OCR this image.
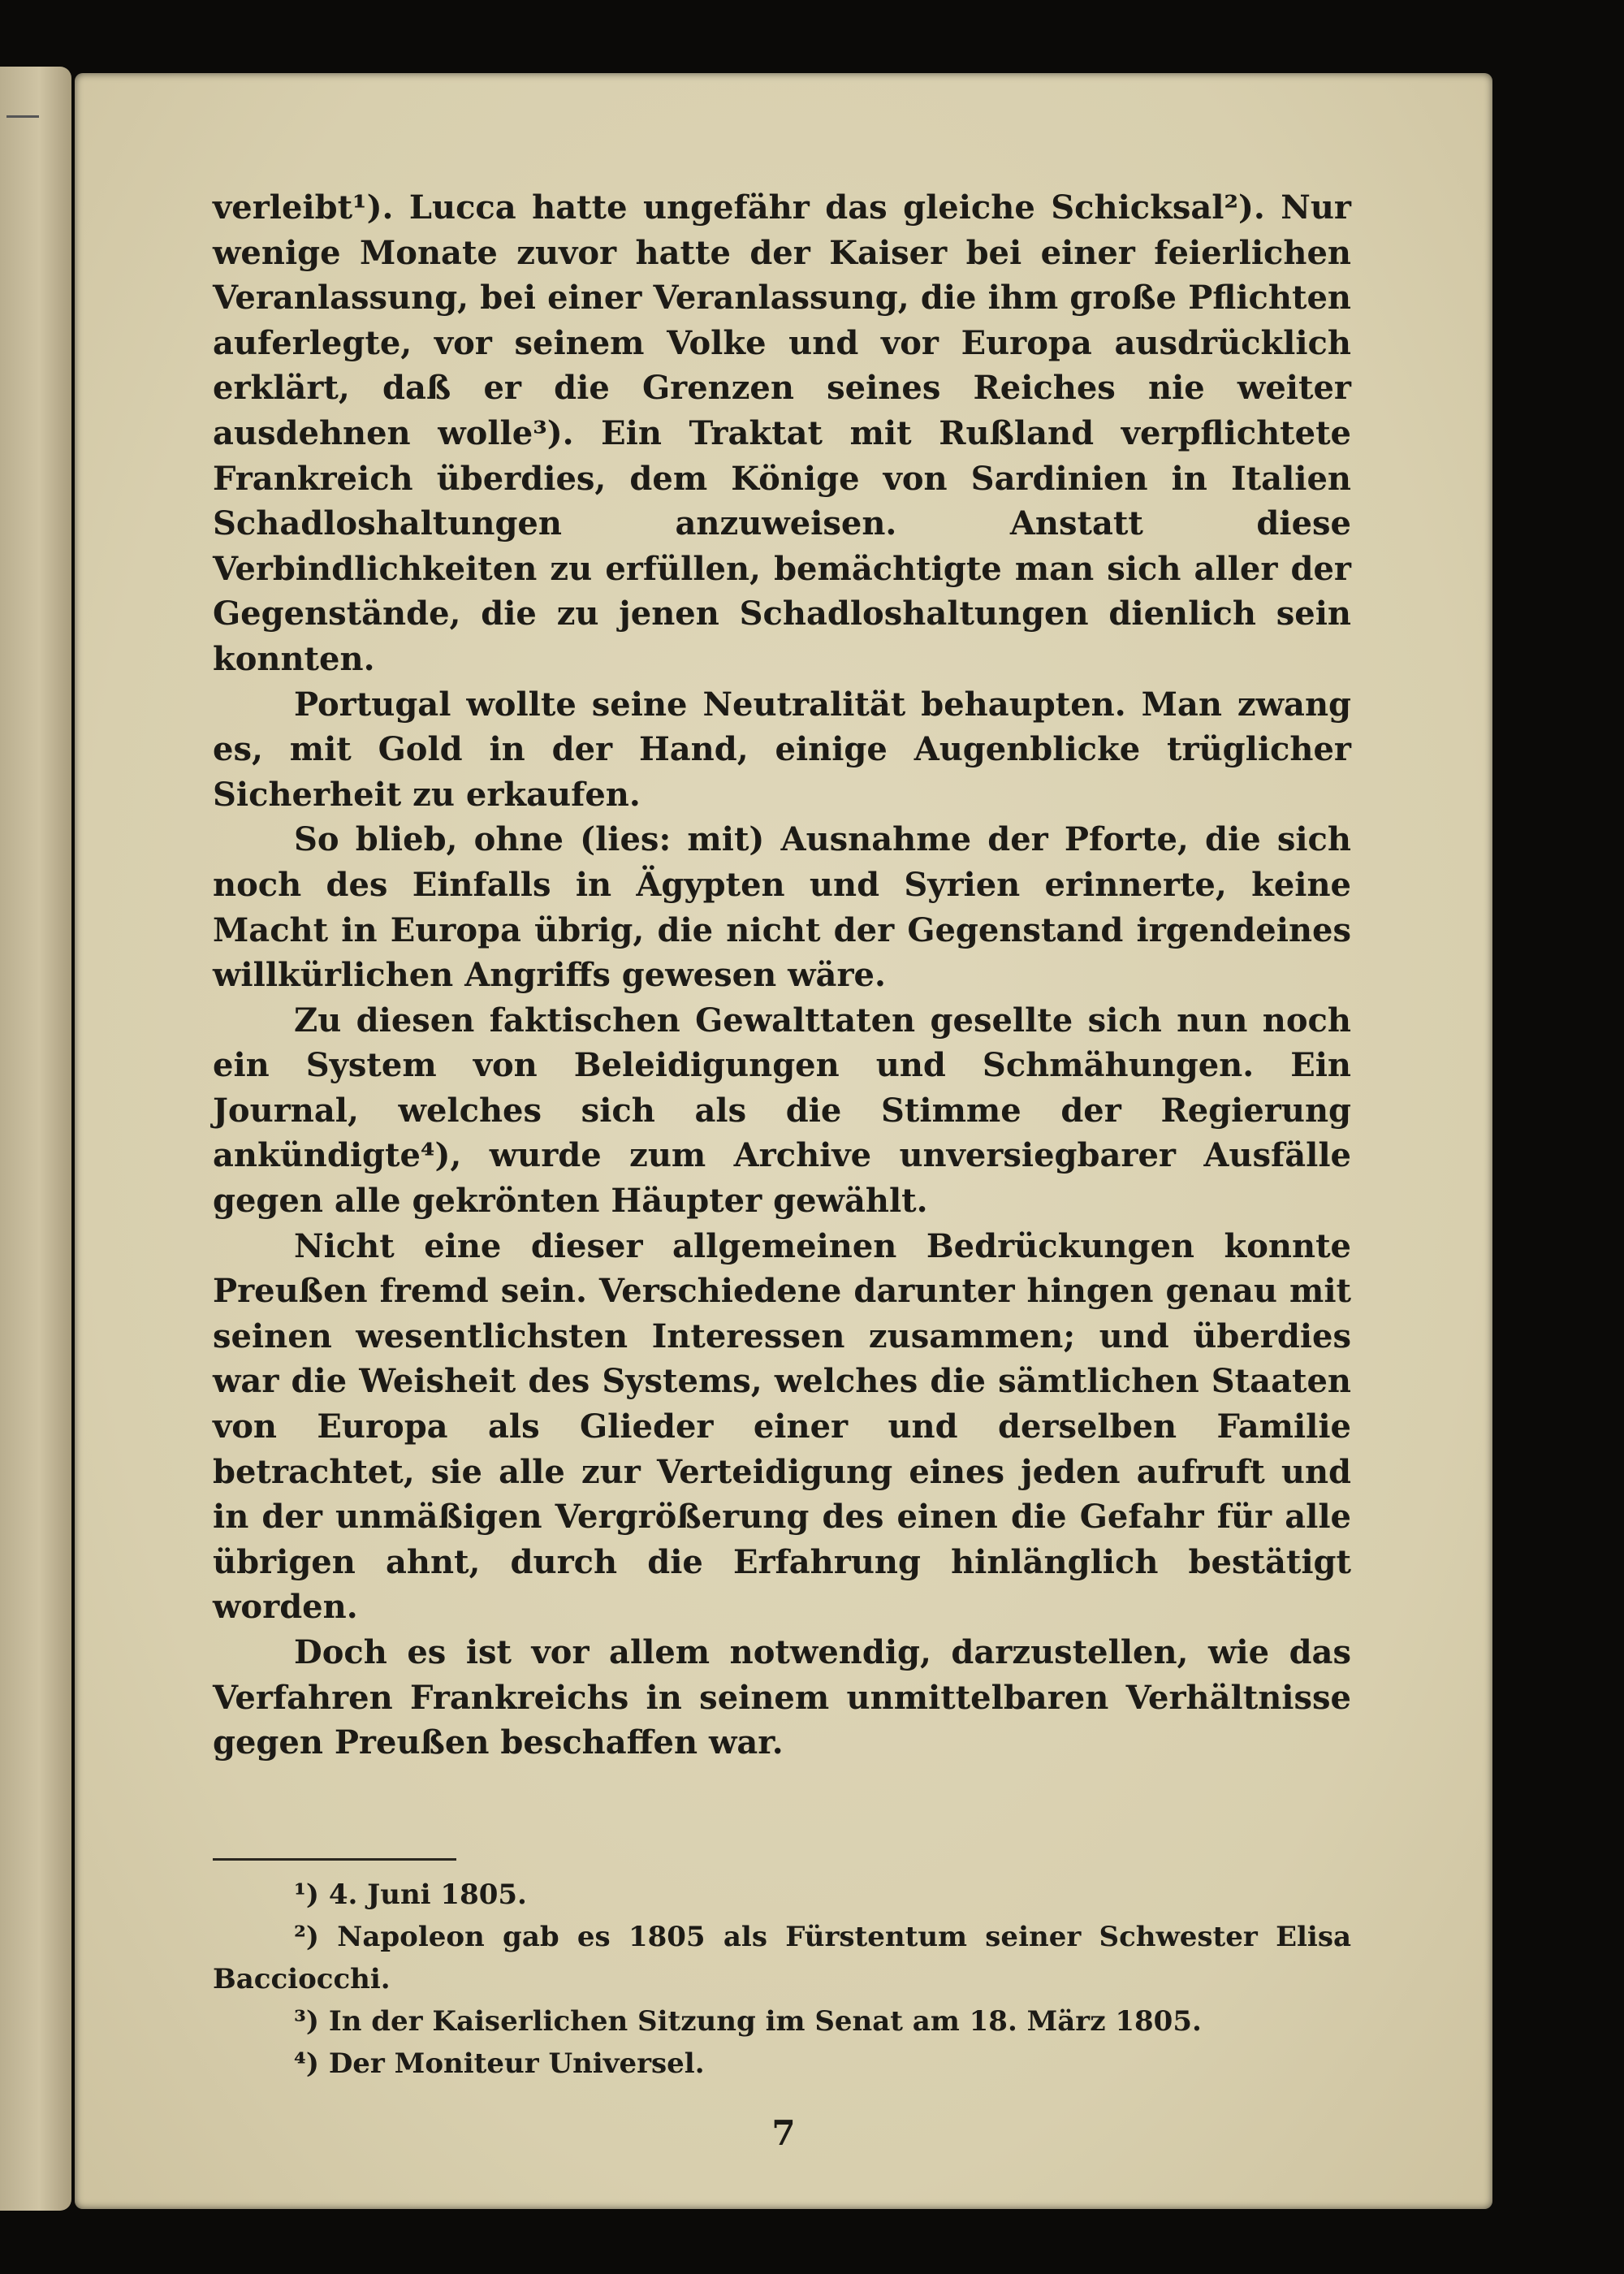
verleibt¹). Lucca hatte ungefähr das gleiche Schicksal²). Nur wenige Monate zuvor hatte der Kaiser bei einer feierlichen Veranlassung, bei einer Veranlassung, die ihm große Pflichten auferlegte, vor seinem Volke und vor Europa ausdrücklich erklärt, daß er die Grenzen seines Reiches nie weiter ausdehnen wolle³). Ein Traktat mit Rußland verpflichtete Frankreich überdies, dem Könige von Sardinien in Italien Schadloshaltungen anzuweisen. Anstatt diese Verbindlichkeiten zu erfüllen, bemächtigte man sich aller der Gegenstände, die zu jenen Schadloshaltungen dienlich sein konnten.

Portugal wollte seine Neutralität behaupten. Man zwang es, mit Gold in der Hand, einige Augenblicke trüglicher Sicherheit zu erkaufen.

So blieb, ohne (lies: mit) Ausnahme der Pforte, die sich noch des Einfalls in Ägypten und Syrien erinnerte, keine Macht in Europa übrig, die nicht der Gegenstand irgendeines willkürlichen Angriffs gewesen wäre.

Zu diesen faktischen Gewalttaten gesellte sich nun noch ein System von Beleidigungen und Schmähungen. Ein Journal, welches sich als die Stimme der Regierung ankündigte⁴), wurde zum Archive unversiegbarer Ausfälle gegen alle gekrönten Häupter gewählt.

Nicht eine dieser allgemeinen Bedrückungen konnte Preußen fremd sein. Verschiedene darunter hingen genau mit seinen wesentlichsten Interessen zusammen; und überdies war die Weisheit des Systems, welches die sämtlichen Staaten von Europa als Glieder einer und derselben Familie betrachtet, sie alle zur Verteidigung eines jeden aufruft und in der unmäßigen Vergrößerung des einen die Gefahr für alle übrigen ahnt, durch die Erfahrung hinlänglich bestätigt worden.

Doch es ist vor allem notwendig, darzustellen, wie das Verfahren Frankreichs in seinem unmittelbaren Verhältnisse gegen Preußen beschaffen war.

¹) 4. Juni 1805.

²) Napoleon gab es 1805 als Fürstentum seiner Schwester Elisa Bacciocchi.

³) In der Kaiserlichen Sitzung im Senat am 18. März 1805.

⁴) Der Moniteur Universel.

7
